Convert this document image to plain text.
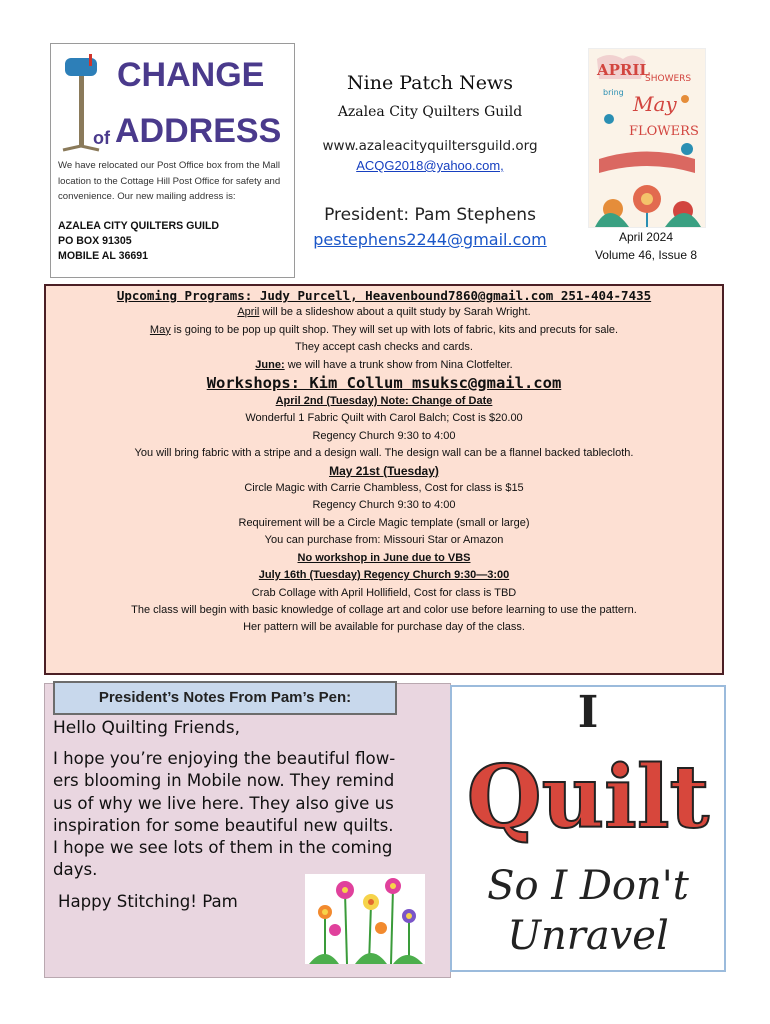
CHANGE
of ADDRESS
We have relocated our Post Office box from the Mall location to the Cottage Hill Post Office for safety and convenience. Our new mailing address is:
AZALEA CITY QUILTERS GUILD
PO BOX 91305
MOBILE AL 36691
Nine Patch News
Azalea City Quilters Guild
www.azaleacityquiltersguild.org
ACQG2018@yahoo.com,
President: Pam Stephens
pestephens2244@gmail.com
APRIL
SHOWERS
bring May
FLOWERS
April 2024
Volume 46, Issue 8
Upcoming Programs: Judy Purcell, Heavenbound7860@gmail.com 251-404-7435
April will be a slideshow about a quilt study by Sarah Wright.
May is going to be pop up quilt shop. They will set up with lots of fabric, kits and precuts for sale.
They accept cash checks and cards.
June: we will have a trunk show from Nina Clotfelter.
Workshops: Kim Collum msuksc@gmail.com
April 2nd (Tuesday) Note: Change of Date
Wonderful 1 Fabric Quilt with Carol Balch; Cost is $20.00
Regency Church 9:30 to 4:00
You will bring fabric with a stripe and a design wall. The design wall can be a flannel backed tablecloth.
May 21st (Tuesday)
Circle Magic with Carrie Chambless, Cost for class is $15
Regency Church 9:30 to 4:00
Requirement will be a Circle Magic template (small or large)
You can purchase from: Missouri Star or Amazon
No workshop in June due to VBS
July 16th (Tuesday) Regency Church 9:30—3:00
Crab Collage with April Hollifield, Cost for class is TBD
The class will begin with basic knowledge of collage art and color use before learning to use the pattern.
Her pattern will be available for purchase day of the class.
President’s Notes From Pam’s Pen:
Hello Quilting Friends,
I hope you’re enjoying the beautiful flow-
ers blooming in Mobile now. They remind
us of why we live here. They also give us
inspiration for some beautiful new quilts.
I hope we see lots of them in the coming
days.
Happy Stitching! Pam
I
Quilt
So I Don't
Unravel
